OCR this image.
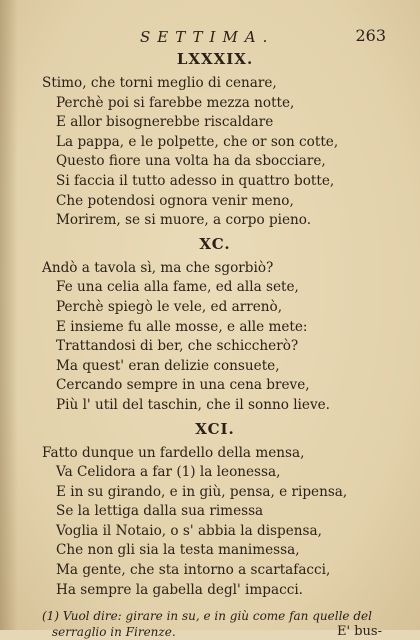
SETTIMA.	263
LXXXIX.
Stimo, che torni meglio di cenare,
Perchè poi si farebbe mezza notte,
E allor bisognerebbe riscaldare
La pappa, e le polpette, che or son cotte,
Questo fiore una volta ha da sbocciare,
Si faccia il tutto adesso in quattro botte,
Che potendosi ognora venir meno,
Morirem, se si muore, a corpo pieno.
XC.
Andò a tavola sì, ma che sgorbiò?
Fe una celia alla fame, ed alla sete,
Perchè spiegò le vele, ed arrenò,
E insieme fu alle mosse, e alle mete:
Trattandosi di ber, che schiccherò?
Ma quest' eran delizie consuete,
Cercando sempre in una cena breve,
Più l' util del taschin, che il sonno lieve.
XCI.
Fatto dunque un fardello della mensa,
Va Celidora a far (1) la leonessa,
E in su girando, e in giù, pensa, e ripensa,
Se la lettiga dalla sua rimessa
Voglia il Notaio, o s' abbia la dispensa,
Che non gli sia la testa manimessa,
Ma gente, che sta intorno a scartafacci,
Ha sempre la gabella degl' impacci.
(1) Vuol dire: girare in su, e in giù come fan quelle del
serraglio in Firenze.	E' bus-
